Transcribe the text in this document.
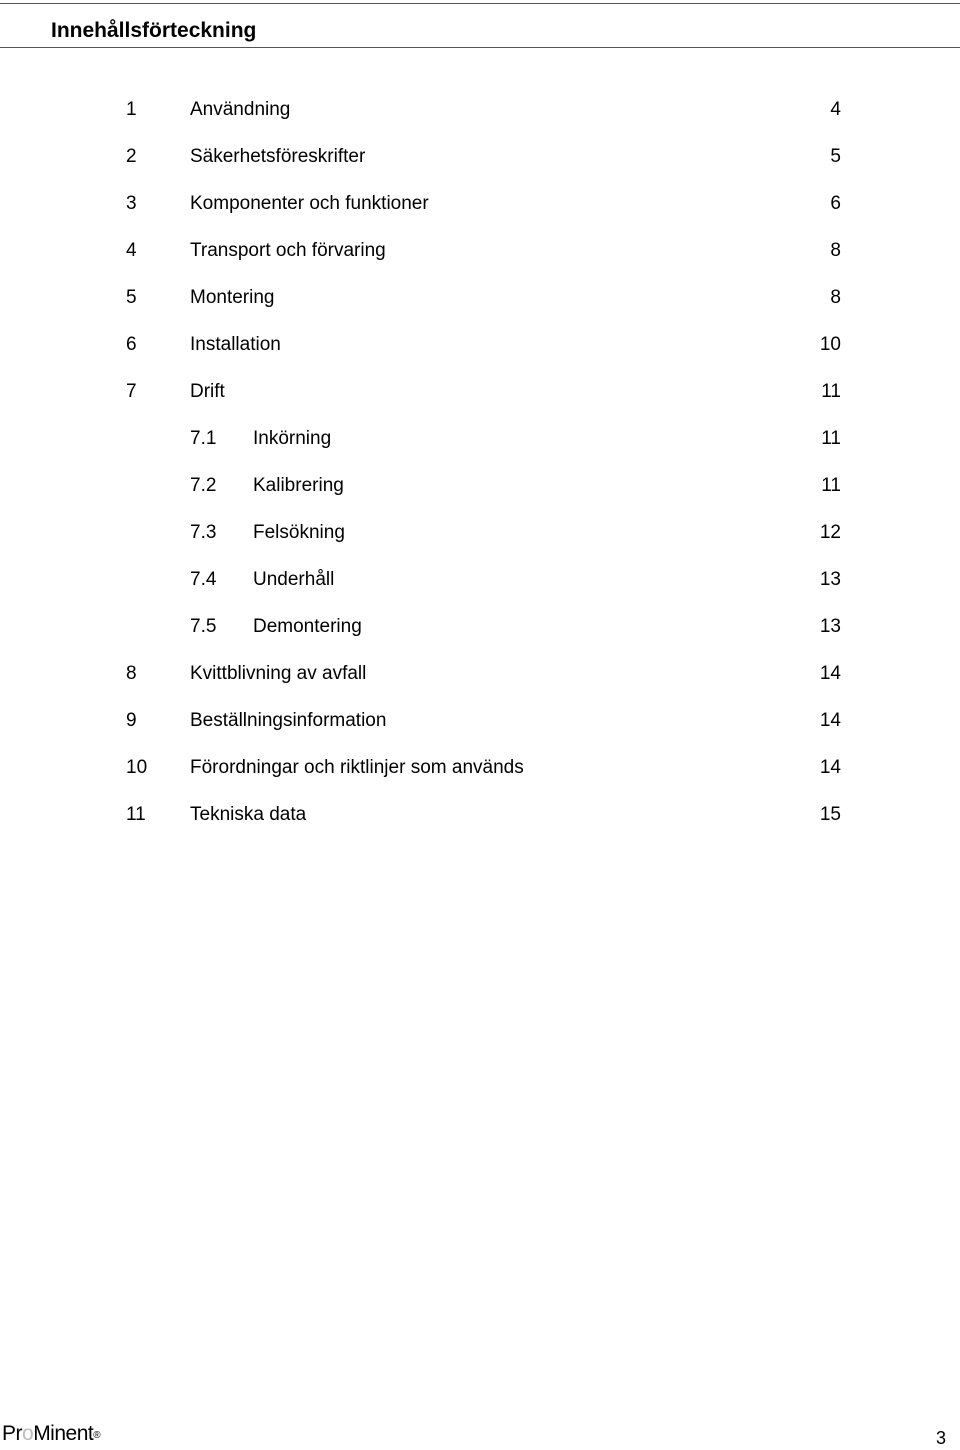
Innehållsförteckning
1	Användning	4
2	Säkerhetsföreskrifter	5
3	Komponenter och funktioner	6
4	Transport och förvaring	8
5	Montering	8
6	Installation	10
7	Drift	11
7.1 Inkörning	11
7.2 Kalibrering	11
7.3 Felsökning	12
7.4 Underhåll	13
7.5 Demontering	13
8	Kvittblivning av avfall	14
9	Beställningsinformation	14
10 Förordningar och riktlinjer som används	14
11 Tekniska data	15
ProMinent®	3
